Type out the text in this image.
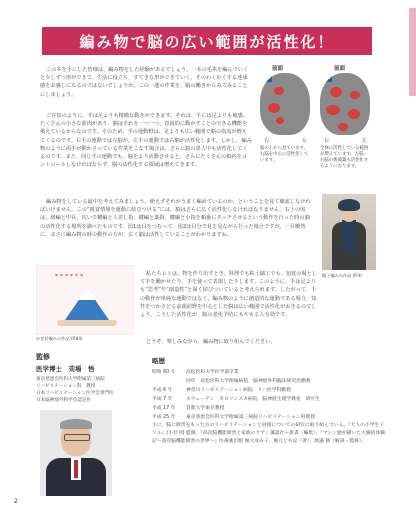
編み物で脳の広い範囲が活性化！

この本を手にした皆様は、編み物をした経験があるでしょう。一本の毛糸を編んでいくと少しずつ形ができて、生活に役立ち、すてきな形ができていく、そのわくわくする達成感をお感じになるのではないでしょうか。この一連の作業を、脳の働きからみてみることにしましょう。

ご存知のように、手は足よりも精緻な動きができます。それは、手には足よりも敏感、たくさんの小さな筋肉があり、脳はそれを一つ一つ、意図的に動かすことのできる機能を備えているからなのです。そのため、手の運動野は、足よりも広い範囲で脳の血流が増えてくるのです。右手の運動では左脳が、左手の運動では右脳が活性化します。しかし、編み物のように両手が動かさっている作業をこなす場合は、さらに脳の異人中も活性化してくるのです。また、同じ手の運動でも、脳をより活動させると、さらにたくさんの脳内をコントロールしなければならず、脳の活性化する領域は増えてきます。

編み物をしている最中を考えてみましょう。絶えずそれがうまく編めているのか、ということを見て確認しなければいけません。この“視覚情報を運動に結びつける”には、脳はさらに広く活性化しなければなりません。右上の図は、緩編と中長、次いで鍵編と人差し指、鍵編と薬指、鍵編と小指を順番にタッチさせるという動作を行った時の脳の活性化する場所を調べたものです。図1は目をつむって、図2は目分で見を見ながら行った場合ですが、一目瞭然に、まさに編み物の時の動作の方が、広く脳は活性していることがわかりますね。

私たちヒトは、物を作り出すとき、料理でも粘土細工でも、知覚の場として手を働かせたり、手を使って表現したりします。このように、手は足よりも“思考”や“創造性”と深く結びついていると考えられます。したがって、手の動作が単純な運動ではなく、編み物のように創造的な運動である場合、知性をつかさどる前頭前野を中心とした脳は広い範囲で活性化がおきるのでしょう。こうした活性化が、脳の老化予防にもやもる人有効です。

どうぞ、楽しみながら、編み物に取り組んでください。

前面	前面
図1	図2
右	左	右	左
脳の上から見ています。右脳を中心に活性化しています。
全体に活性している範囲が増えています。左脳、右脳の後頭葉も活性化するようになります。
帽子編みの作品 (P.4)
▾▾▾▾▾▾
かぎ針編みの作品 (P.84)
監修
医学博士　苅場　悟
東京慈恵会医科大学附属第三病院
リハビリテーション科　教授
日本リハビリテーション医学会専門医
日本脳神経外科学会認定医
略歴
昭和 60 年 浜松医科大学医学部卒業
同年　浜松医科大学附属病院　脳神経外科臨床研究医勤務
平成 6 年	神奈川リハビリテーション病院　リハ医学科勤務
平成 7 年	スウェーデン　カロリンスカ病院　脳神経生理学教室　研究生
平成 17 年 首都大学東京教授
平成 25 年 東京慈恵会医科大学附属第三病院リハビリテーション科教授

主に、脳に障害をもった方のリハビリテーションと回復についての研究に取り組んでいる。『大人の小学生ドリル』(小社刊) 監修、『高次脳機能障害と家族のケア』講談社＋新書〈編集〉、『マシン歴が描いた大腸宿体験記～高次脳機能障害の世界～』医歯薬出版 堀元ゆみ子、堀元ともほ（著）、渡邉 修（解説・監修）。

2
